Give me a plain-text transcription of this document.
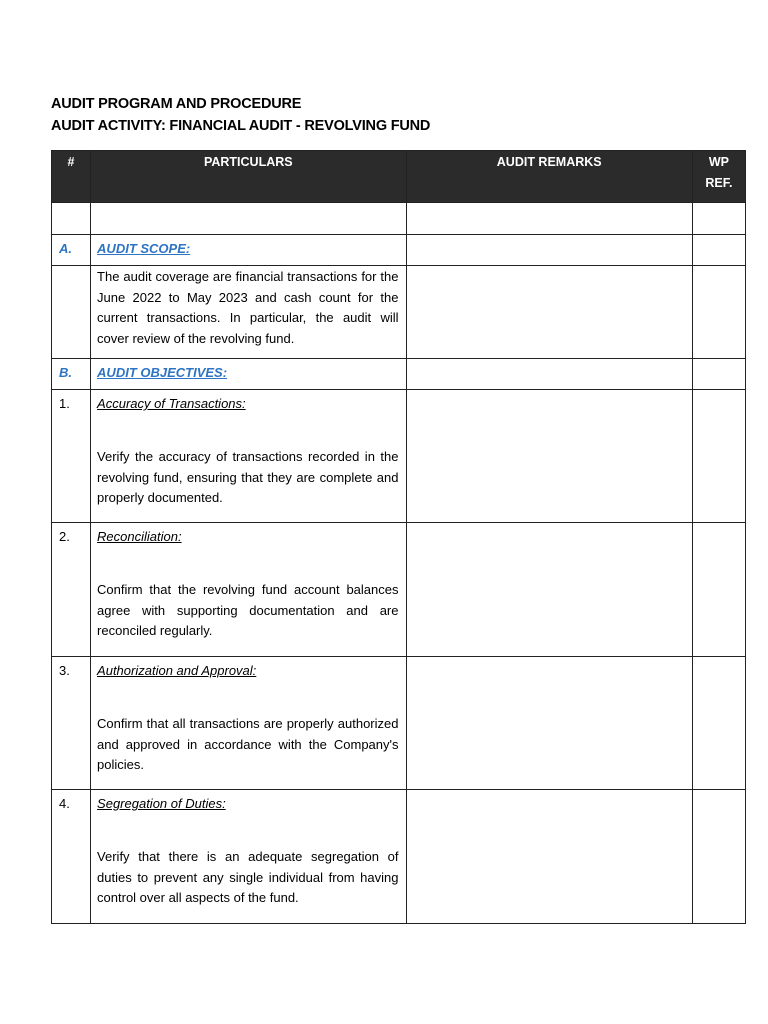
AUDIT PROGRAM AND PROCEDURE
AUDIT ACTIVITY: FINANCIAL AUDIT - REVOLVING FUND
#	PARTICULARS	AUDIT REMARKS	WP
REF.

A.	AUDIT SCOPE:		

	The audit coverage are financial transactions for the June 2022 to May 2023 and cash count for the current transactions. In particular, the audit will cover review of the revolving fund.		

B.	AUDIT OBJECTIVES:		
1.	Accuracy of Transactions:
Verify the accuracy of transactions recorded in the revolving fund, ensuring that they are complete and properly documented.		

2.	Reconciliation:
Confirm that the revolving fund account balances agree with supporting documentation and are reconciled regularly.		

3.	Authorization and Approval:
Confirm that all transactions are properly authorized and approved in accordance with the Company's policies.		

4.	Segregation of Duties:
Verify that there is an adequate segregation of duties to prevent any single individual from having control over all aspects of the fund.		
